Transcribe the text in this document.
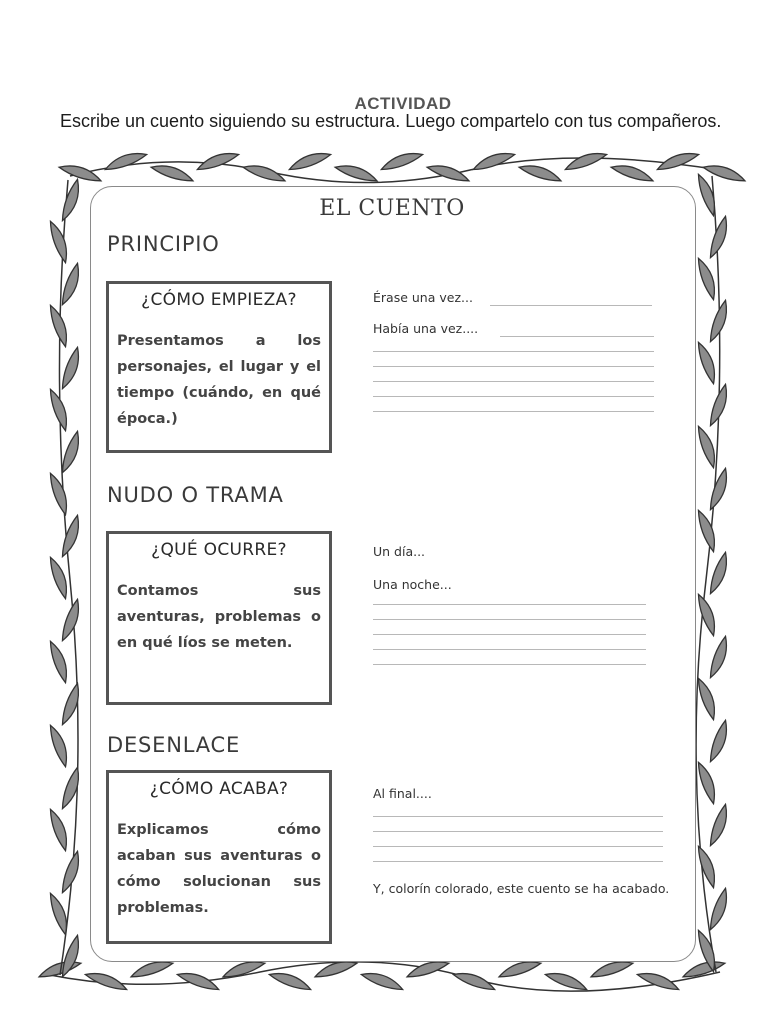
ACTIVIDAD
Escribe un cuento siguiendo su estructura. Luego compartelo con tus compañeros.
EL CUENTO
PRINCIPIO
¿CÓMO EMPIEZA?
Presentamos a los personajes, el lugar y el tiempo (cuándo, en qué época.)
Érase una vez...
Había una vez....
NUDO O TRAMA
¿QUÉ OCURRE?
Contamos sus aventuras, problemas o en qué líos se meten.
Un día...
Una noche...
DESENLACE
¿CÓMO ACABA?
Explicamos cómo acaban sus aventuras o cómo solucionan sus problemas.
Al final....
Y, colorín colorado, este cuento se ha acabado.
